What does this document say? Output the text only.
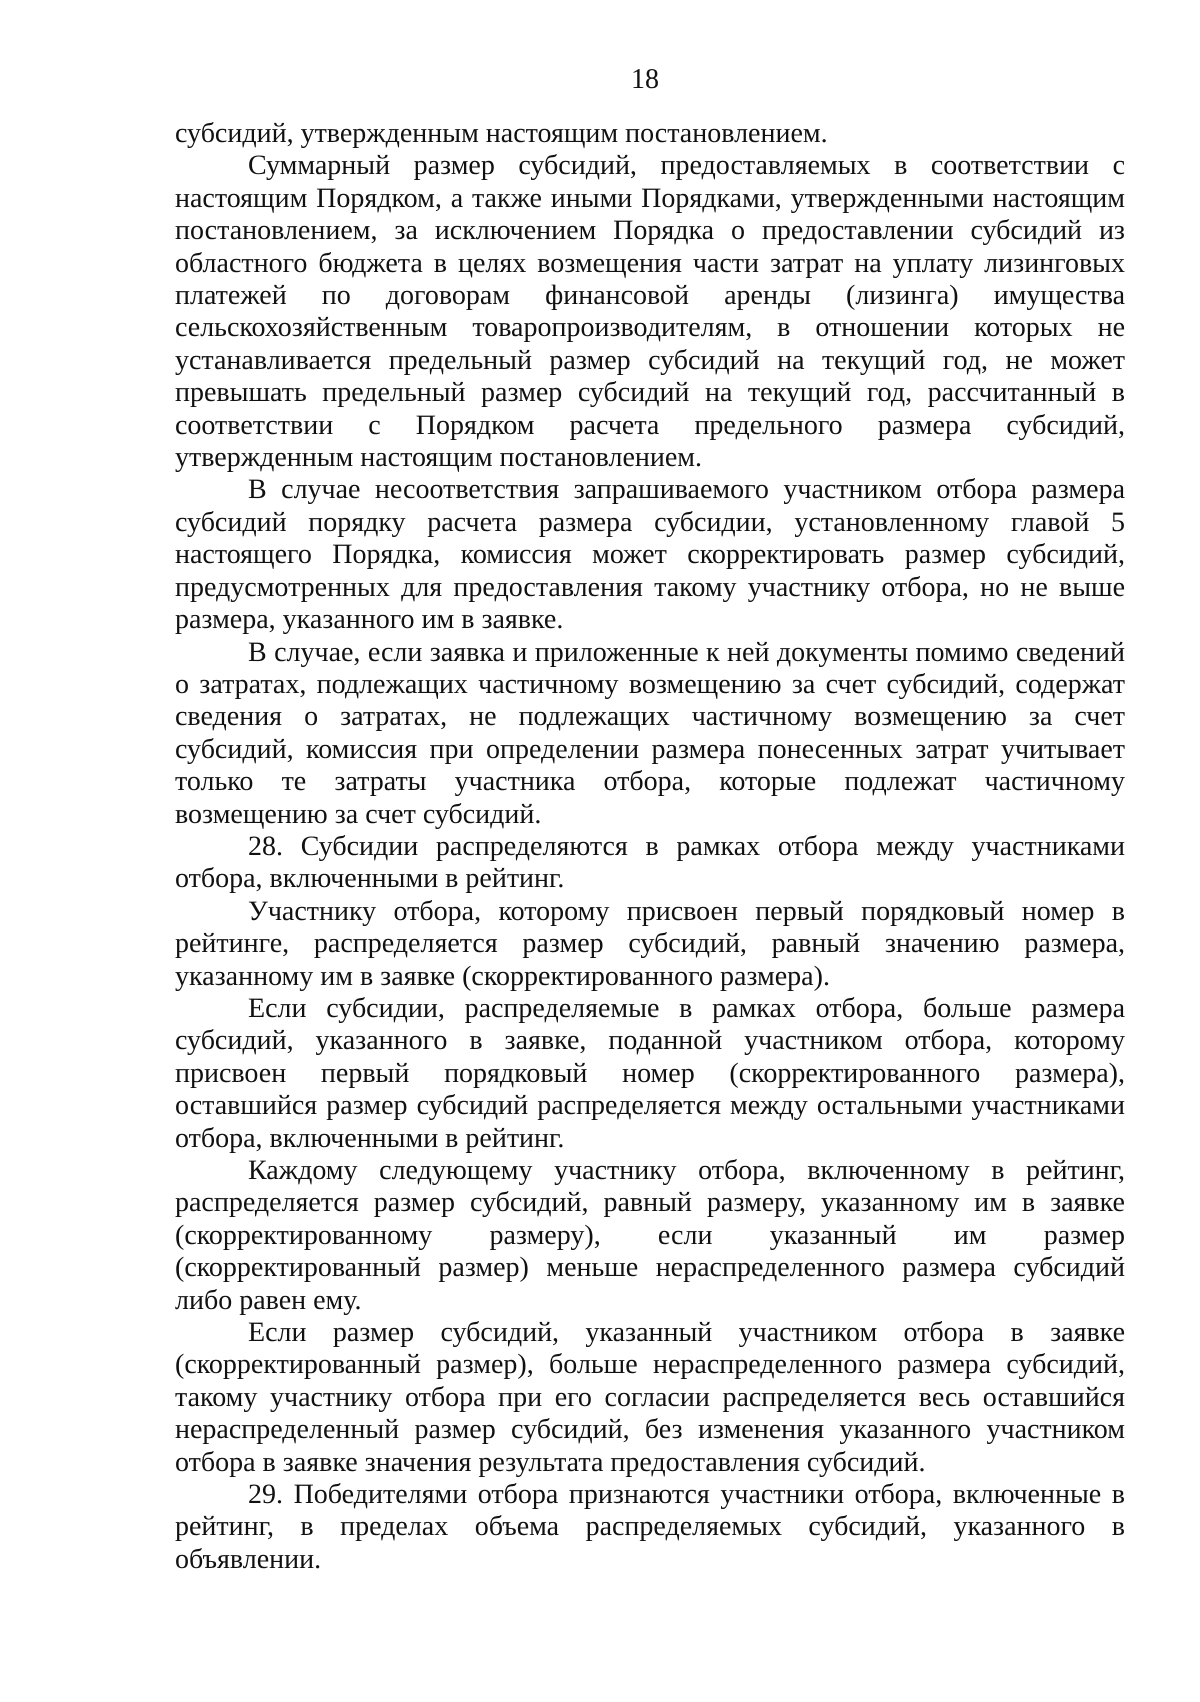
18

субсидий, утвержденным настоящим постановлением.

Суммарный размер субсидий, предоставляемых в соответствии с настоящим Порядком, а также иными Порядками, утвержденными настоящим постановлением, за исключением Порядка о предоставлении субсидий из областного бюджета в целях возмещения части затрат на уплату лизинговых платежей по договорам финансовой аренды (лизинга) имущества сельскохозяйственным товаропроизводителям, в отношении которых не устанавливается предельный размер субсидий на текущий год, не может превышать предельный размер субсидий на текущий год, рассчитанный в соответствии с Порядком расчета предельного размера субсидий, утвержденным настоящим постановлением.

В случае несоответствия запрашиваемого участником отбора размера субсидий порядку расчета размера субсидии, установленному главой 5 настоящего Порядка, комиссия может скорректировать размер субсидий, предусмотренных для предоставления такому участнику отбора, но не выше размера, указанного им в заявке.

В случае, если заявка и приложенные к ней документы помимо сведений о затратах, подлежащих частичному возмещению за счет субсидий, содержат сведения о затратах, не подлежащих частичному возмещению за счет субсидий, комиссия при определении размера понесенных затрат учитывает только те затраты участника отбора, которые подлежат частичному возмещению за счет субсидий.

28. Субсидии распределяются в рамках отбора между участниками отбора, включенными в рейтинг.

Участнику отбора, которому присвоен первый порядковый номер в рейтинге, распределяется размер субсидий, равный значению размера, указанному им в заявке (скорректированного размера).

Если субсидии, распределяемые в рамках отбора, больше размера субсидий, указанного в заявке, поданной участником отбора, которому присвоен первый порядковый номер (скорректированного размера), оставшийся размер субсидий распределяется между остальными участниками отбора, включенными в рейтинг.

Каждому следующему участнику отбора, включенному в рейтинг, распределяется размер субсидий, равный размеру, указанному им в заявке (скорректированному размеру), если указанный им размер (скорректированный размер) меньше нераспределенного размера субсидий либо равен ему.

Если размер субсидий, указанный участником отбора в заявке (скорректированный размер), больше нераспределенного размера субсидий, такому участнику отбора при его согласии распределяется весь оставшийся нераспределенный размер субсидий, без изменения указанного участником отбора в заявке значения результата предоставления субсидий.

29. Победителями отбора признаются участники отбора, включенные в рейтинг, в пределах объема распределяемых субсидий, указанного в объявлении.
